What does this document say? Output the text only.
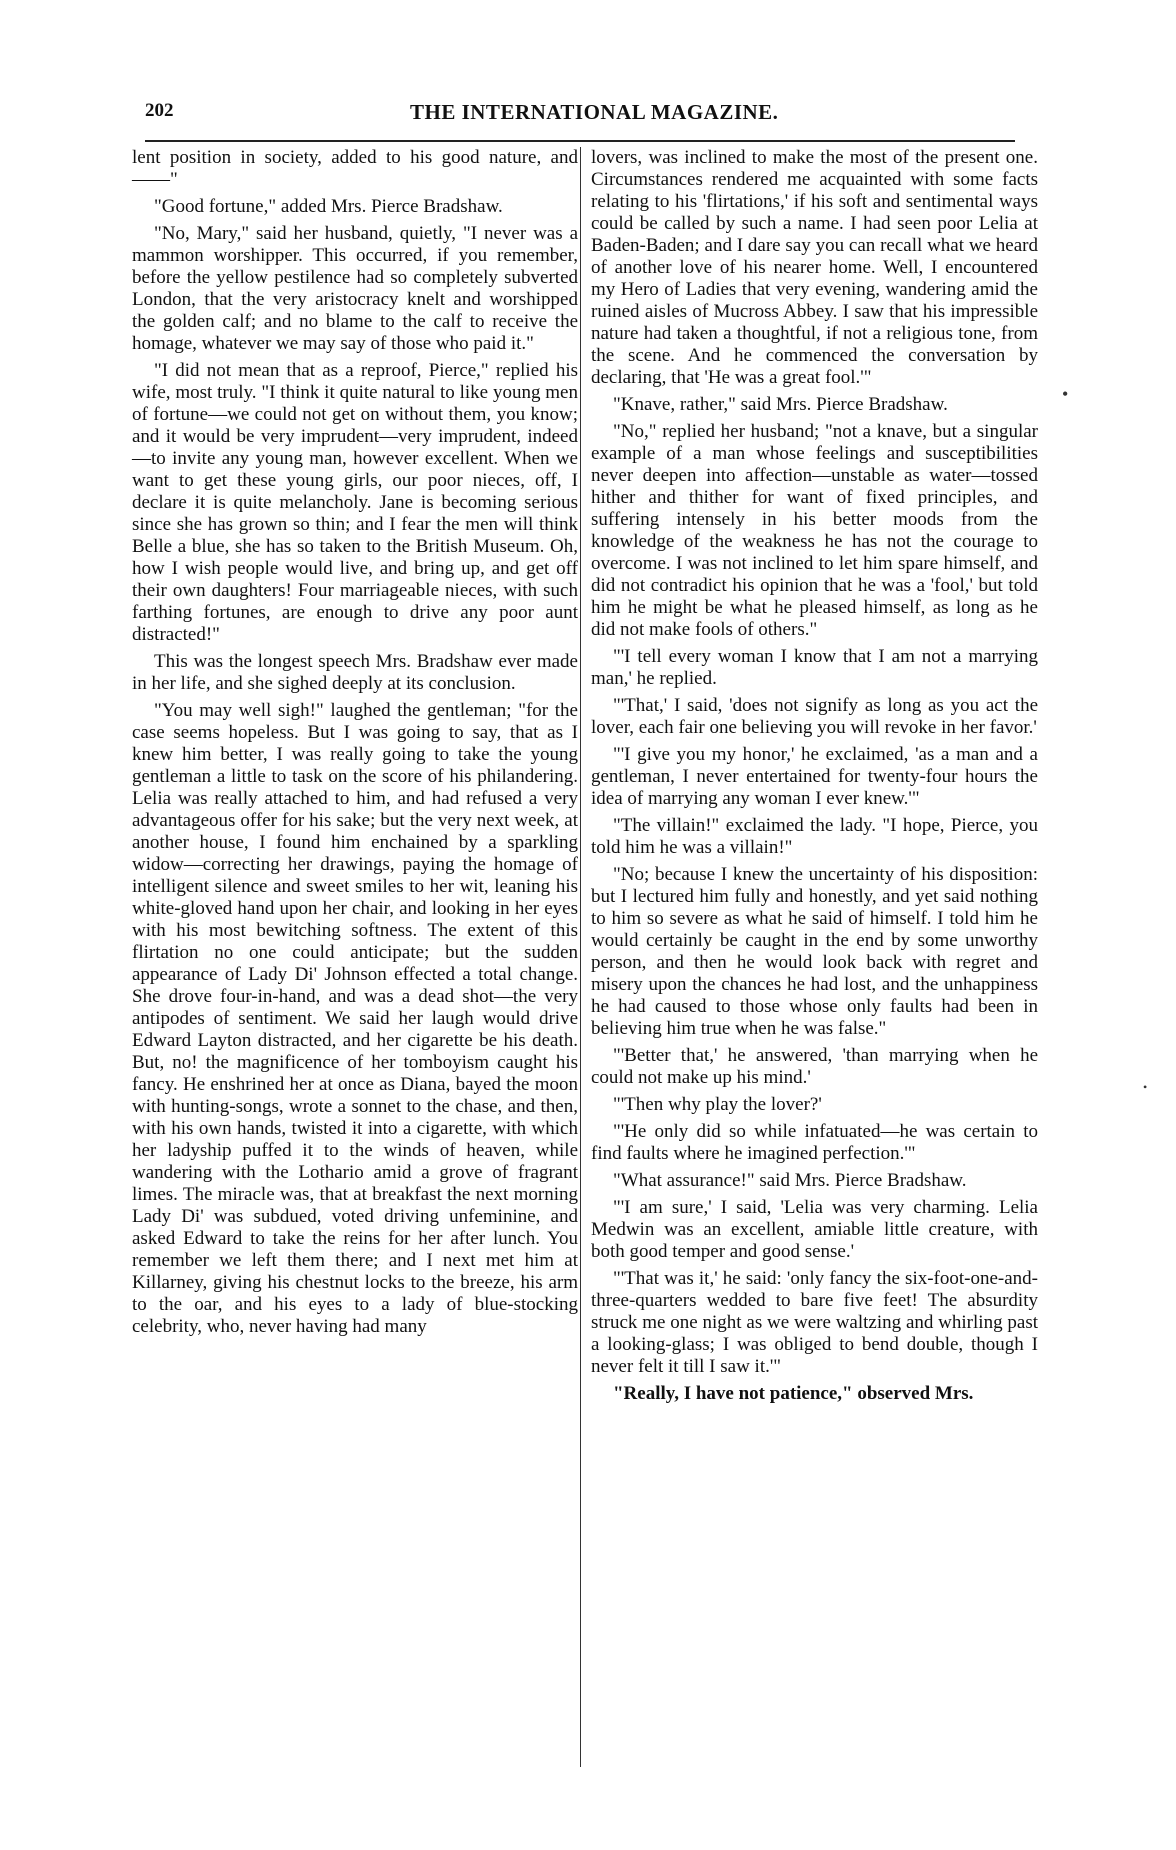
202	THE INTERNATIONAL MAGAZINE.

lent position in society, added to his good nature, and——"

"Good fortune," added Mrs. Pierce Bradshaw.

"No, Mary," said her husband, quietly, "I never was a mammon worshipper. This occurred, if you remember, before the yellow pestilence had so completely subverted London, that the very aristocracy knelt and worshipped the golden calf; and no blame to the calf to receive the homage, whatever we may say of those who paid it."

"I did not mean that as a reproof, Pierce," replied his wife, most truly. "I think it quite natural to like young men of fortune—we could not get on without them, you know; and it would be very imprudent—very imprudent, indeed—to invite any young man, however excellent. When we want to get these young girls, our poor nieces, off, I declare it is quite melancholy. Jane is becoming serious since she has grown so thin; and I fear the men will think Belle a blue, she has so taken to the British Museum. Oh, how I wish people would live, and bring up, and get off their own daughters! Four marriageable nieces, with such farthing fortunes, are enough to drive any poor aunt distracted!"

This was the longest speech Mrs. Bradshaw ever made in her life, and she sighed deeply at its conclusion.

"You may well sigh!" laughed the gentleman; "for the case seems hopeless. But I was going to say, that as I knew him better, I was really going to take the young gentleman a little to task on the score of his philandering. Lelia was really attached to him, and had refused a very advantageous offer for his sake; but the very next week, at another house, I found him enchained by a sparkling widow—correcting her drawings, paying the homage of intelligent silence and sweet smiles to her wit, leaning his white-gloved hand upon her chair, and looking in her eyes with his most bewitching softness. The extent of this flirtation no one could anticipate; but the sudden appearance of Lady Di' Johnson effected a total change. She drove four-in-hand, and was a dead shot—the very antipodes of sentiment. We said her laugh would drive Edward Layton distracted, and her cigarette be his death. But, no! the magnificence of her tomboyism caught his fancy. He enshrined her at once as Diana, bayed the moon with hunting-songs, wrote a sonnet to the chase, and then, with his own hands, twisted it into a cigarette, with which her ladyship puffed it to the winds of heaven, while wandering with the Lothario amid a grove of fragrant limes. The miracle was, that at breakfast the next morning Lady Di' was subdued, voted driving unfeminine, and asked Edward to take the reins for her after lunch. You remember we left them there; and I next met him at Killarney, giving his chestnut locks to the breeze, his arm to the oar, and his eyes to a lady of blue-stocking celebrity, who, never having had many

lovers, was inclined to make the most of the present one. Circumstances rendered me acquainted with some facts relating to his 'flirtations,' if his soft and sentimental ways could be called by such a name. I had seen poor Lelia at Baden-Baden; and I dare say you can recall what we heard of another love of his nearer home. Well, I encountered my Hero of Ladies that very evening, wandering amid the ruined aisles of Mucross Abbey. I saw that his impressible nature had taken a thoughtful, if not a religious tone, from the scene. And he commenced the conversation by declaring, that 'He was a great fool.'"

"Knave, rather," said Mrs. Pierce Bradshaw.

"No," replied her husband; "not a knave, but a singular example of a man whose feelings and susceptibilities never deepen into affection—unstable as water—tossed hither and thither for want of fixed principles, and suffering intensely in his better moods from the knowledge of the weakness he has not the courage to overcome. I was not inclined to let him spare himself, and did not contradict his opinion that he was a 'fool,' but told him he might be what he pleased himself, as long as he did not make fools of others."

"'I tell every woman I know that I am not a marrying man,' he replied.

"'That,' I said, 'does not signify as long as you act the lover, each fair one believing you will revoke in her favor.'

"'I give you my honor,' he exclaimed, 'as a man and a gentleman, I never entertained for twenty-four hours the idea of marrying any woman I ever knew.'"

"The villain!" exclaimed the lady. "I hope, Pierce, you told him he was a villain!"

"No; because I knew the uncertainty of his disposition: but I lectured him fully and honestly, and yet said nothing to him so severe as what he said of himself. I told him he would certainly be caught in the end by some unworthy person, and then he would look back with regret and misery upon the chances he had lost, and the unhappiness he had caused to those whose only faults had been in believing him true when he was false."

"'Better that,' he answered, 'than marrying when he could not make up his mind.'

"'Then why play the lover?'

"'He only did so while infatuated—he was certain to find faults where he imagined perfection.'"

"What assurance!" said Mrs. Pierce Bradshaw.

"'I am sure,' I said, 'Lelia was very charming. Lelia Medwin was an excellent, amiable little creature, with both good temper and good sense.'

"'That was it,' he said: 'only fancy the six-foot-one-and-three-quarters wedded to bare five feet! The absurdity struck me one night as we were waltzing and whirling past a looking-glass; I was obliged to bend double, though I never felt it till I saw it.'"

"Really, I have not patience," observed Mrs.

•
•
